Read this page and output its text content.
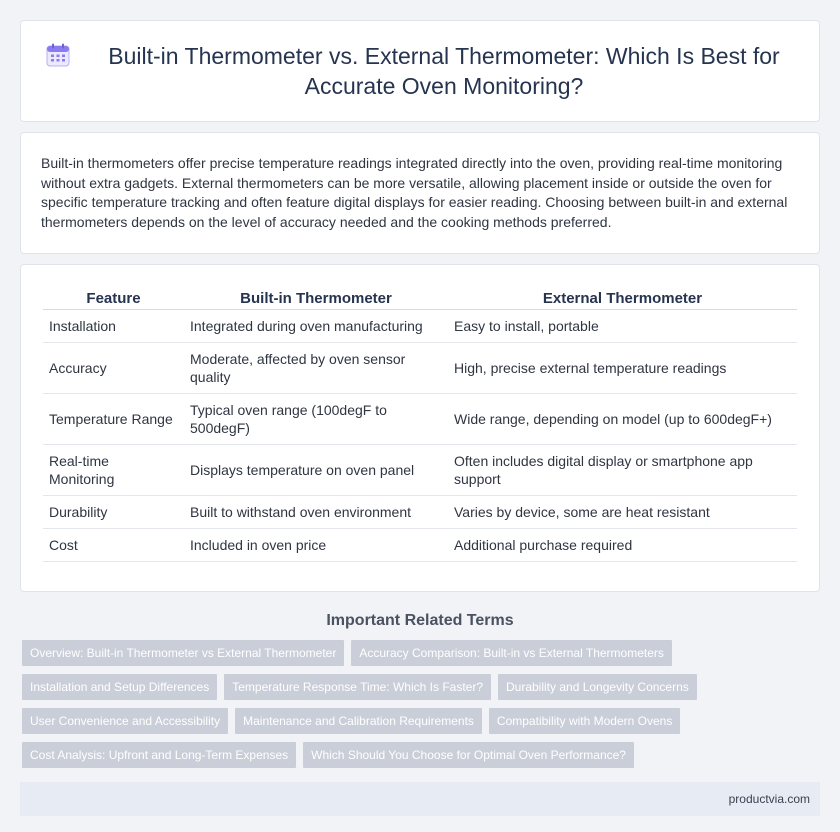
Built-in Thermometer vs. External Thermometer: Which Is Best for Accurate Oven Monitoring?

Built-in thermometers offer precise temperature readings integrated directly into the oven, providing real-time monitoring without extra gadgets. External thermometers can be more versatile, allowing placement inside or outside the oven for specific temperature tracking and often feature digital displays for easier reading. Choosing between built-in and external thermometers depends on the level of accuracy needed and the cooking methods preferred.

Feature	Built-in Thermometer	External Thermometer
Installation	Integrated during oven manufacturing	Easy to install, portable
Accuracy	Moderate, affected by oven sensor quality	High, precise external temperature readings
Temperature Range	Typical oven range (100degF to 500degF)	Wide range, depending on model (up to 600degF+)
Real-time Monitoring	Displays temperature on oven panel	Often includes digital display or smartphone app support
Durability	Built to withstand oven environment	Varies by device, some are heat resistant
Cost	Included in oven price	Additional purchase required
Important Related Terms
Overview: Built-in Thermometer vs External Thermometer	Accuracy Comparison: Built-in vs External Thermometers
Installation and Setup Differences	Temperature Response Time: Which Is Faster?	Durability and Longevity Concerns
User Convenience and Accessibility	Maintenance and Calibration Requirements	Compatibility with Modern Ovens
Cost Analysis: Upfront and Long-Term Expenses	Which Should You Choose for Optimal Oven Performance?
productvia.com
